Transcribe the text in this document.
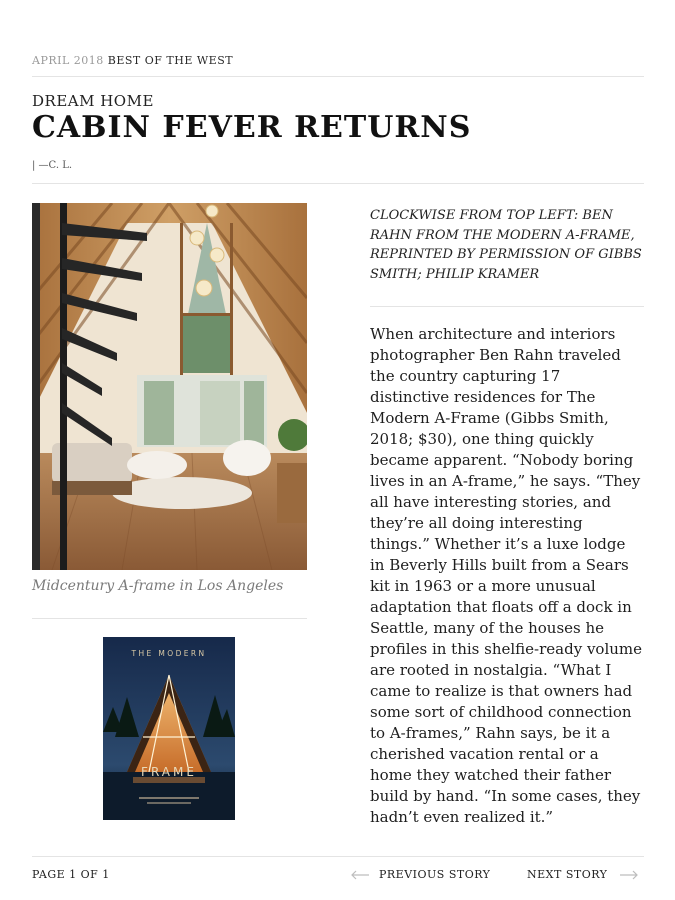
APRIL 2018 BEST OF THE WEST
DREAM HOME
CABIN FEVER RETURNS
| —C. L.
Midcentury A-frame in Los Angeles
THE MODERN
FRAME
CLOCKWISE FROM TOP LEFT: BEN RAHN FROM THE MODERN A-FRAME, REPRINTED BY PERMISSION OF GIBBS SMITH; PHILIP KRAMER
When architecture and interiors photographer Ben Rahn traveled the country capturing 17 distinctive residences for The Modern A-Frame (Gibbs Smith, 2018; $30), one thing quickly became apparent. “Nobody boring lives in an A-frame,” he says. “They all have interesting stories, and they’re all doing interesting things.” Whether it’s a luxe lodge in Beverly Hills built from a Sears kit in 1963 or a more unusual adaptation that floats off a dock in Seattle, many of the houses he profiles in this shelfie-ready volume are rooted in nostalgia. “What I came to realize is that owners had some sort of childhood connection to A-frames,” Rahn says, be it a cherished vacation rental or a home they watched their father build by hand. “In some cases, they hadn’t even realized it.”
PAGE 1 OF 1	PREVIOUS STORY	NEXT STORY
